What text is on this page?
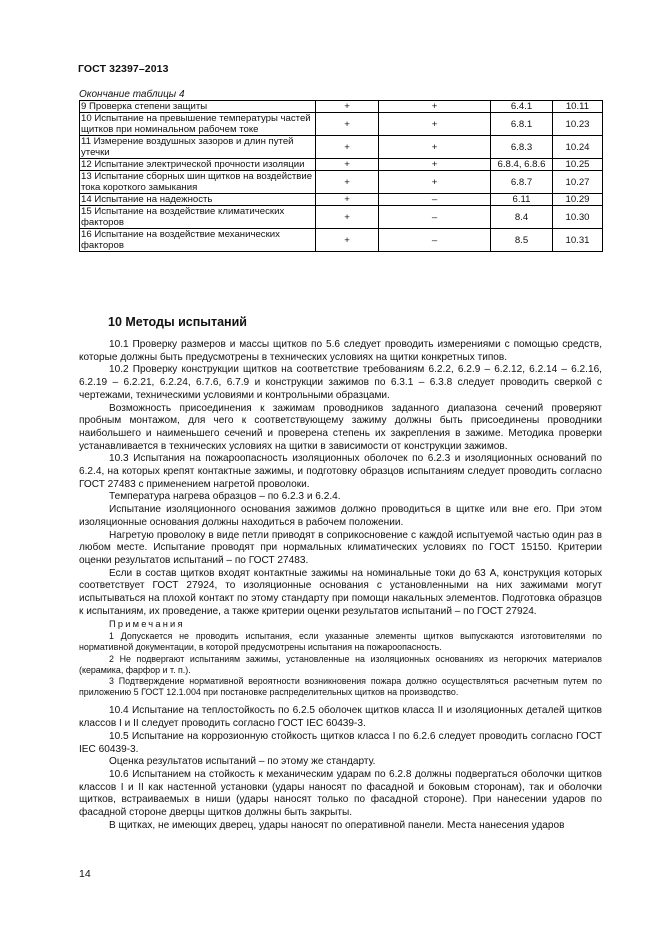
ГОСТ 32397–2013
Окончание таблицы 4
9 Проверка степени защиты	+	+	6.4.1	10.11
10 Испытание на превышение температуры частей щитков при номинальном рабочем токе	+	+	6.8.1	10.23
11 Измерение воздушных зазоров и длин путей утечки	+	+	6.8.3	10.24
12 Испытание электрической прочности изоляции	+	+	6.8.4, 6.8.6	10.25
13 Испытание сборных шин щитков на воздействие тока короткого замыкания	+	+	6.8.7	10.27
14 Испытание на надежность	+	–	6.11	10.29
15 Испытание на воздействие климатических факторов	+	–	8.4	10.30
16 Испытание на воздействие механических факторов	+	–	8.5	10.31
10 Методы испытаний

10.1 Проверку размеров и массы щитков по 5.6 следует проводить измерениями с помощью средств, которые должны быть предусмотрены в технических условиях на щитки конкретных типов.

10.2 Проверку конструкции щитков на соответствие требованиям 6.2.2, 6.2.9 – 6.2.12, 6.2.14 – 6.2.16, 6.2.19 – 6.2.21, 6.2.24, 6.7.6, 6.7.9 и конструкции зажимов по 6.3.1 – 6.3.8 следует проводить сверкой с чертежами, техническими условиями и контрольными образцами.

Возможность присоединения к зажимам проводников заданного диапазона сечений проверяют пробным монтажом, для чего к соответствующему зажиму должны быть присоединены проводники наибольшего и наименьшего сечений и проверена степень их закрепления в зажиме. Методика проверки устанавливается в технических условиях на щитки в зависимости от конструкции зажимов.

10.3 Испытания на пожароопасность изоляционных оболочек по 6.2.3 и изоляционных оснований по 6.2.4, на которых крепят контактные зажимы, и подготовку образцов испытаниям следует проводить согласно ГОСТ 27483 с применением нагретой проволоки.

Температура нагрева образцов – по 6.2.3 и 6.2.4.

Испытание изоляционного основания зажимов должно проводиться в щитке или вне его. При этом изоляционные основания должны находиться в рабочем положении.

Нагретую проволоку в виде петли приводят в соприкосновение с каждой испытуемой частью один раз в любом месте. Испытание проводят при нормальных климатических условиях по ГОСТ 15150. Критерии оценки результатов испытаний – по ГОСТ 27483.

Если в состав щитков входят контактные зажимы на номинальные токи до 63 А, конструкция которых соответствует ГОСТ 27924, то изоляционные основания с установленными на них зажимами могут испытываться на плохой контакт по этому стандарту при помощи накальных элементов. Подготовка образцов к испытаниям, их проведение, а также критерии оценки результатов испытаний – по ГОСТ 27924.

Примечания

1 Допускается не проводить испытания, если указанные элементы щитков выпускаются изготовителями по нормативной документации, в которой предусмотрены испытания на пожароопасность.

2 Не подвергают испытаниям зажимы, установленные на изоляционных основаниях из негорючих материалов (керамика, фарфор и т. п.).

3 Подтверждение нормативной вероятности возникновения пожара должно осуществляться расчетным путем по приложению 5 ГОСТ 12.1.004 при постановке распределительных щитков на производство.

10.4 Испытание на теплостойкость по 6.2.5 оболочек щитков класса II и изоляционных деталей щитков классов I и II следует проводить согласно ГОСТ IEC 60439-3.

10.5 Испытание на коррозионную стойкость щитков класса I по 6.2.6 следует проводить согласно ГОСТ IEC 60439-3.

Оценка результатов испытаний – по этому же стандарту.

10.6 Испытанием на стойкость к механическим ударам по 6.2.8 должны подвергаться оболочки щитков классов I и II как настенной установки (удары наносят по фасадной и боковым сторонам), так и оболочки щитков, встраиваемых в ниши (удары наносят только по фасадной стороне). При нанесении ударов по фасадной стороне дверцы щитков должны быть закрыты.

В щитках, не имеющих дверец, удары наносят по оперативной панели. Места нанесения ударов

14
